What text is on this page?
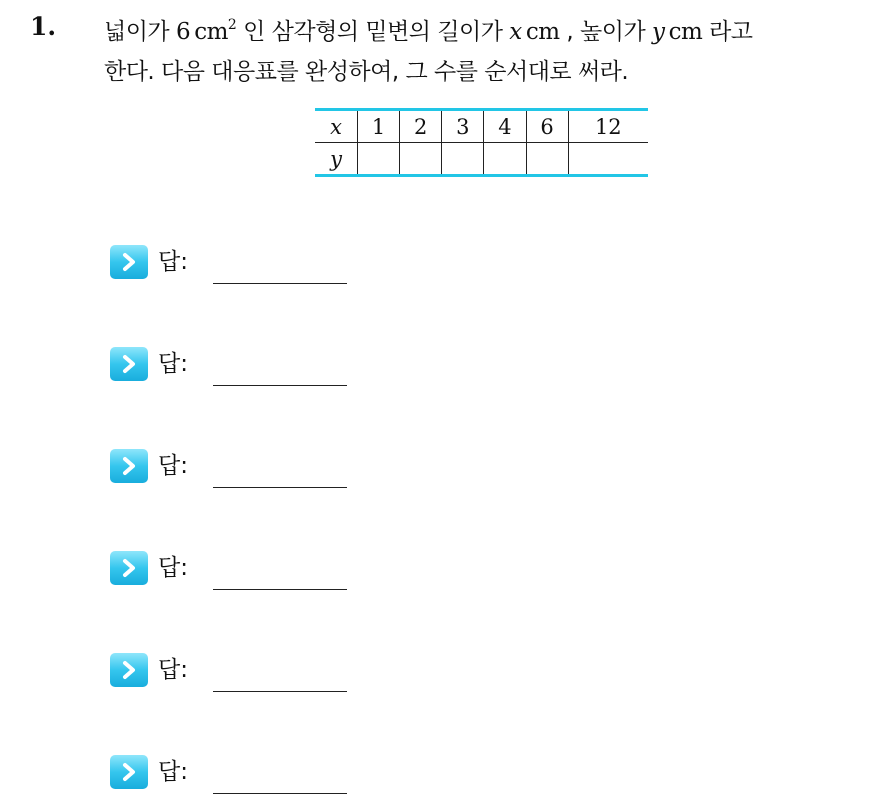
1. 넓이가 6  $cm^2$ 인 삼각형의 밑변의 길이가 x  cm , 높이가 y  cm 라고
한다. 다음 대응표를 완성하여, 그 수를 순서대로 써라.
x	1	2	3	4	6	12
y						
답:
답:
답:
답:
답:
답:
